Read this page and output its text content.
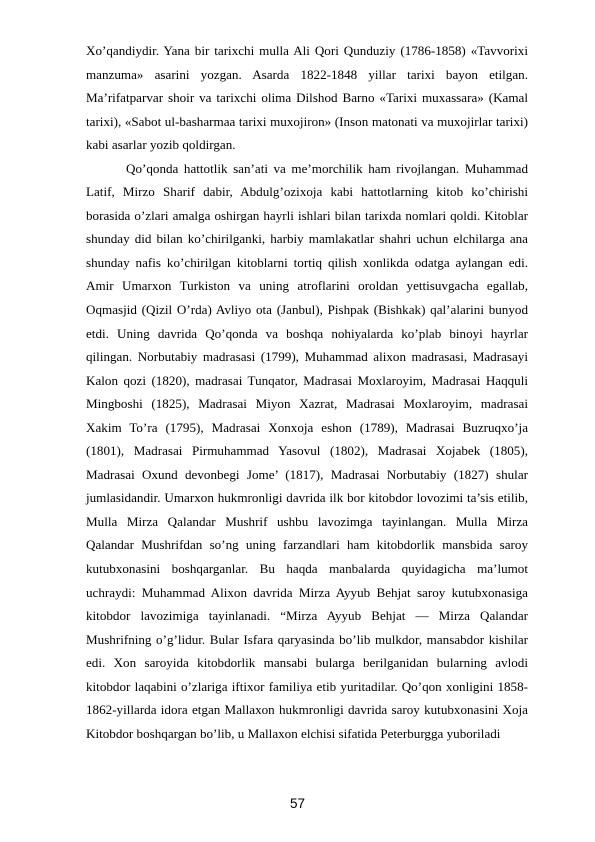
Xo’qandiydir. Yana bir tarixchi mulla Ali Qori Qunduziy (1786-1858) «Tavvorixi manzuma» asarini yozgan. Asarda 1822-1848 yillar tarixi bayon etilgan. Ma’rifatparvar shoir va tarixchi olima Dilshod Barno «Tarixi muxassara» (Kamal tarixi), «Sabot ul-basharmaa tarixi muxojiron» (Inson matonati va muxojirlar tarixi) kabi asarlar yozib qoldirgan.

Qo’qonda hattotlik san’ati va me’morchilik ham rivojlangan. Muhammad Latif, Mirzo Sharif dabir, Abdulg’ozixoja kabi hattotlarning kitob ko’chirishi borasida o’zlari amalga oshirgan hayrli ishlari bilan tarixda nomlari qoldi. Kitoblar shunday did bilan ko’chirilganki, harbiy mamlakatlar shahri uchun elchilarga ana shunday nafis ko’chirilgan kitoblarni tortiq qilish xonlikda odatga aylangan edi. Amir Umarxon Turkiston va uning atroflarini oroldan yettisuvgacha egallab, Oqmasjid (Qizil O’rda) Avliyo ota (Janbul), Pishpak (Bishkak) qal’alarini bunyod etdi. Uning davrida Qo’qonda va boshqa nohiyalarda ko’plab binoyi hayrlar qilingan. Norbutabiy madrasasi (1799), Muhammad alixon madrasasi, Madrasayi Kalon qozi (1820), madrasai Tunqator, Madrasai Moxlaroyim, Madrasai Haqquli Mingboshi (1825), Madrasai Miyon Xazrat, Madrasai Moxlaroyim, madrasai Xakim To’ra (1795), Madrasai Xonxoja eshon (1789), Madrasai Buzruqxo’ja (1801), Madrasai Pirmuhammad Yasovul (1802), Madrasai Xojabek (1805), Madrasai Oxund devonbegi Jome’ (1817), Madrasai Norbutabiy (1827) shular jumlasidandir. Umarxon hukmronligi davrida ilk bor kitobdor lovozimi ta’sis etilib, Mulla Mirza Qalandar Mushrif ushbu lavozimga tayinlangan. Mulla Mirza Qalandar Mushrifdan so’ng uning farzandlari ham kitobdorlik mansbida saroy kutubxonasini boshqarganlar. Bu haqda manbalarda quyidagicha ma’lumot uchraydi: Muhammad Alixon davrida Mirza Ayyub Behjat saroy kutubxonasiga kitobdor lavozimiga tayinlanadi. “Mirza Ayyub Behjat — Mirza Qalandar Mushrifning o’g’lidur. Bular Isfara qaryasinda bo’lib mulkdor, mansabdor kishilar edi. Xon saroyida kitobdorlik mansabi bularga berilganidan bularning avlodi kitobdor laqabini o’zlariga iftixor familiya etib yuritadilar. Qo’qon xonligini 1858-1862-yillarda idora etgan Mallaxon hukmronligi davrida saroy kutubxonasini Xoja Kitobdor boshqargan bo’lib, u Mallaxon elchisi sifatida Peterburgga yuboriladi

57
